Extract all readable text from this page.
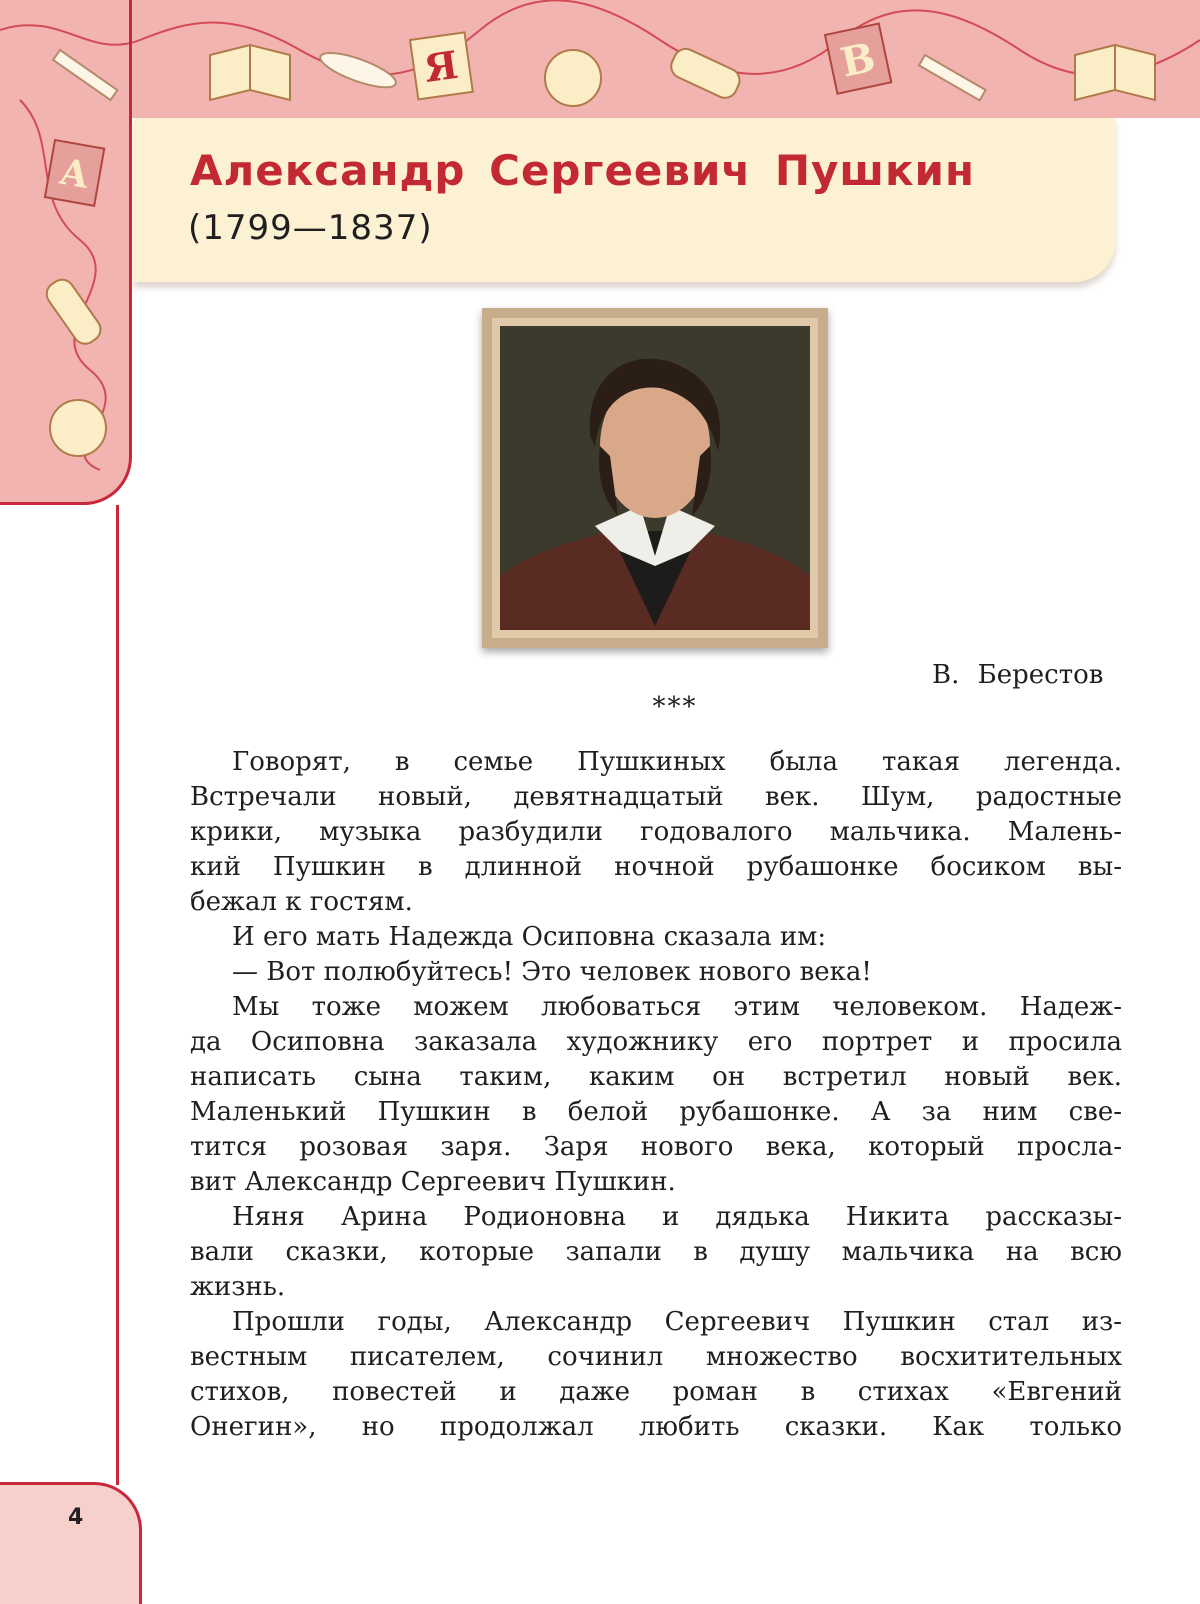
Я	В
А Александр Сергеевич Пушкин
(1799—1837)
В. Берестов
***
Говорят, в семье Пушкиных была такая легенда.
Встречали новый, девятнадцатый век. Шум, радостные
крики, музыка разбудили годовалого мальчика. Малень-
кий Пушкин в длинной ночной рубашонке босиком вы-
бежал к гостям.
И его мать Надежда Осиповна сказала им:
— Вот полюбуйтесь! Это человек нового века!
Мы тоже можем любоваться этим человеком. Надеж-
да Осиповна заказала художнику его портрет и просила
написать сына таким, каким он встретил новый век.
Маленький Пушкин в белой рубашонке. А за ним све-
тится розовая заря. Заря нового века, который просла-
вит Александр Сергеевич Пушкин.
Няня Арина Родионовна и дядька Никита рассказы-
вали сказки, которые запали в душу мальчика на всю
жизнь.
Прошли годы, Александр Сергеевич Пушкин стал из-
вестным писателем, сочинил множество восхитительных
стихов, повестей и даже роман в стихах «Евгений
Онегин», но продолжал любить сказки. Как только
4
